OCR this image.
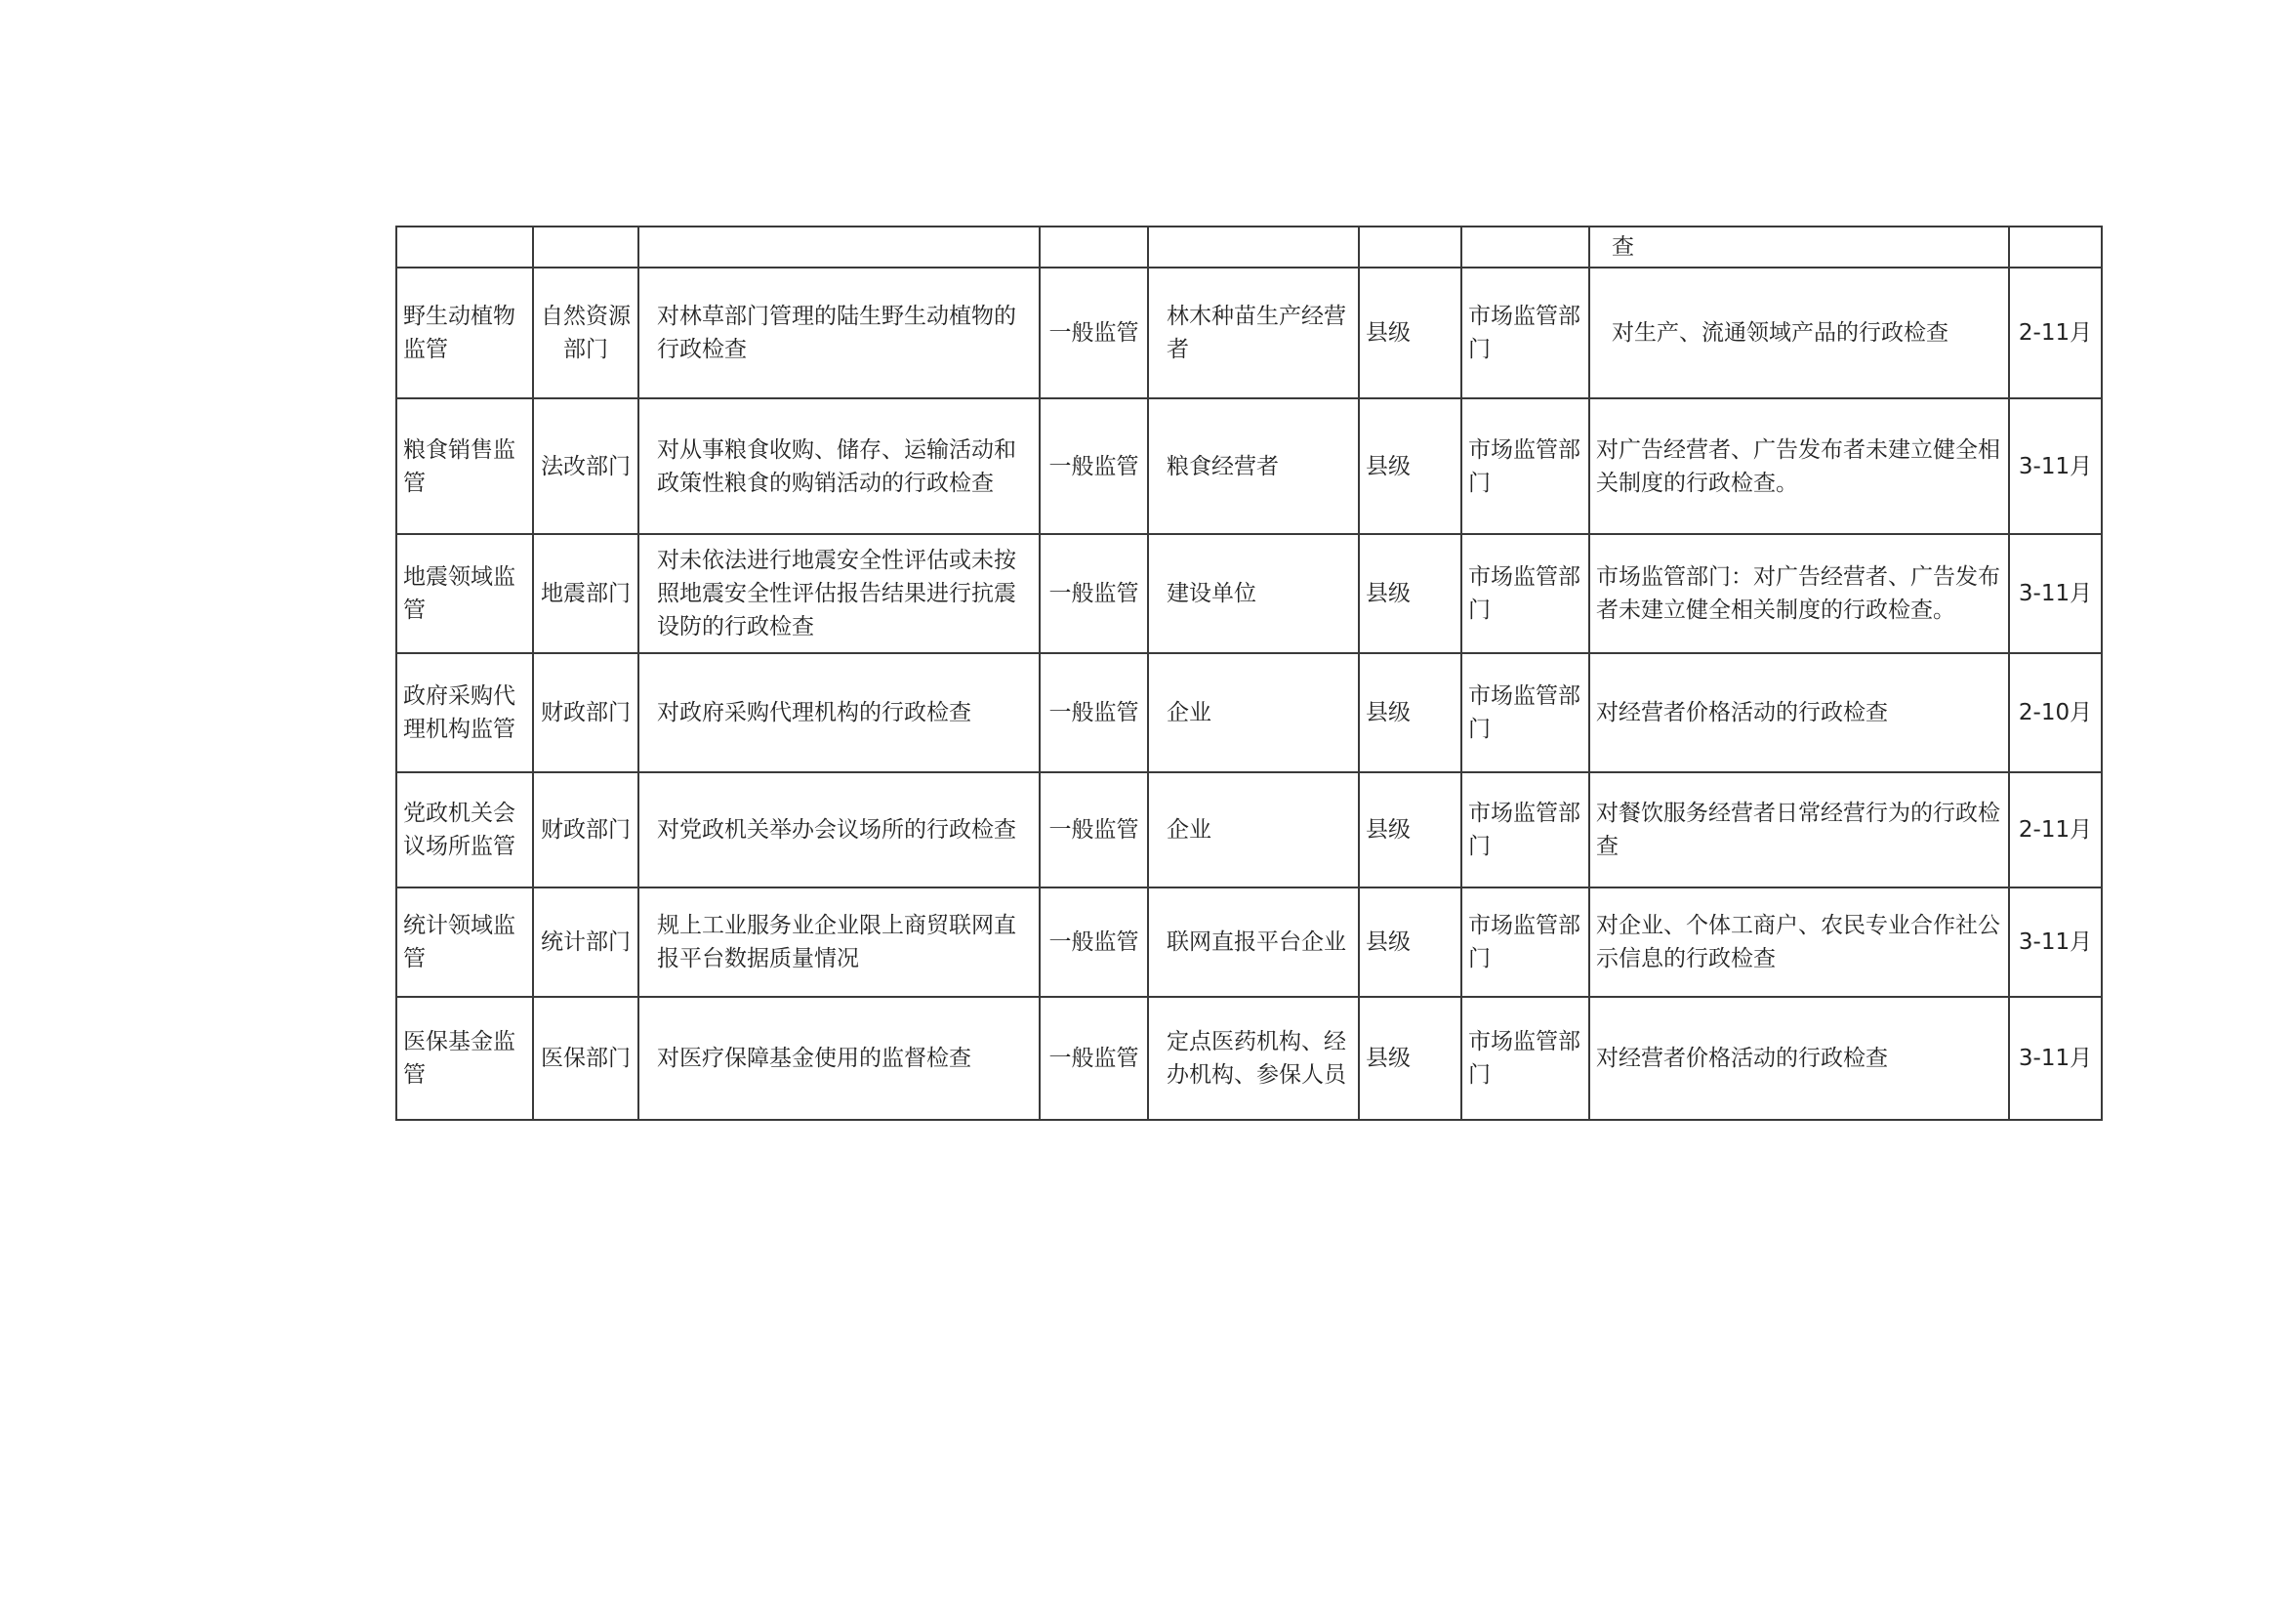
							查	
野生动植物监管	自然资源部门	对林草部门管理的陆生野生动植物的行政检查	一般监管	林木种苗生产经营者	县级	市场监管部门	对生产、流通领域产品的行政检查	2-11月
粮食销售监管	法改部门	对从事粮食收购、储存、运输活动和政策性粮食的购销活动的行政检查	一般监管	粮食经营者	县级	市场监管部门	对广告经营者、广告发布者未建立健全相关制度的行政检查。	3-11月
地震领域监管	地震部门	对未依法进行地震安全性评估或未按照地震安全性评估报告结果进行抗震设防的行政检查	一般监管	建设单位	县级	市场监管部门	市场监管部门：对广告经营者、广告发布者未建立健全相关制度的行政检查。	3-11月
政府采购代理机构监管	财政部门	对政府采购代理机构的行政检查	一般监管	企业	县级	市场监管部门	对经营者价格活动的行政检查	2-10月
党政机关会议场所监管	财政部门	对党政机关举办会议场所的行政检查	一般监管	企业	县级	市场监管部门	对餐饮服务经营者日常经营行为的行政检查	2-11月
统计领域监管	统计部门	规上工业服务业企业限上商贸联网直报平台数据质量情况	一般监管	联网直报平台企业	县级	市场监管部门	对企业、个体工商户、农民专业合作社公示信息的行政检查	3-11月
医保基金监管	医保部门	对医疗保障基金使用的监督检查	一般监管	定点医药机构、经办机构、参保人员	县级	市场监管部门	对经营者价格活动的行政检查	3-11月
